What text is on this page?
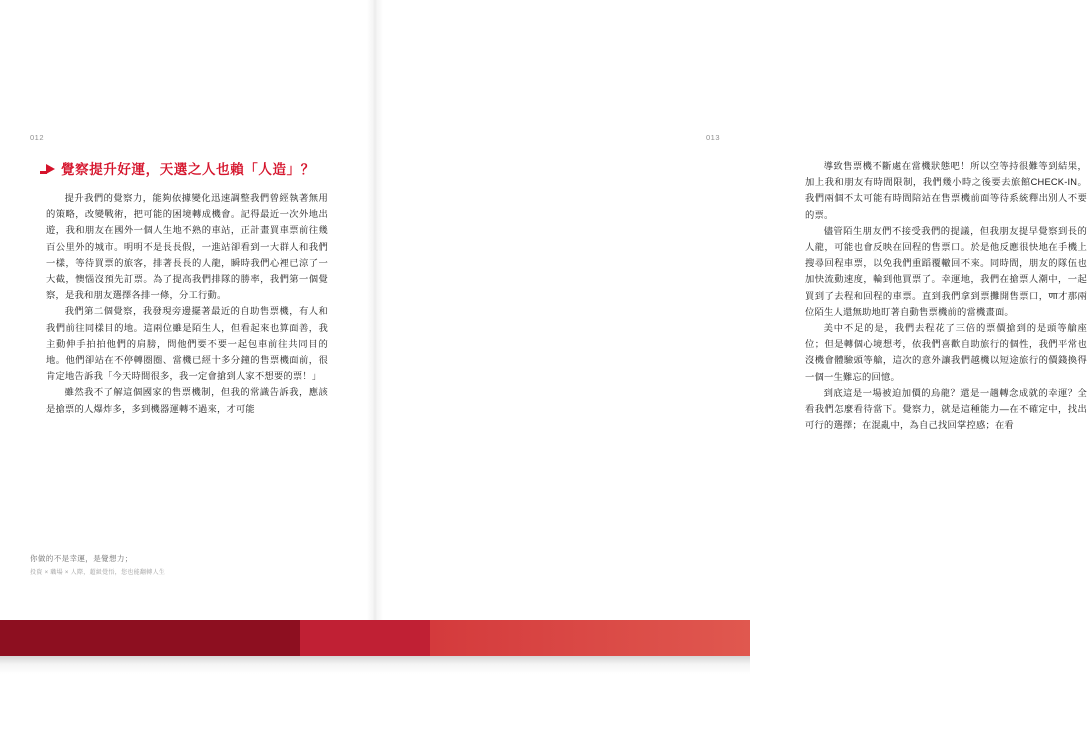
012
覺察提升好運，天選之人也賴「人造」？

提升我們的覺察力，能夠依據變化迅速調整我們曾經執著無用的策略，改變戰術，把可能的困境轉成機會。記得最近一次外地出遊，我和朋友在國外一個人生地不熟的車站，正計畫買車票前往幾百公里外的城市。明明不是長長假，一進站卻看到一大群人和我們一樣，等待買票的旅客，排著長長的人龍，瞬時我們心裡已涼了一大截，懊惱沒預先訂票。為了提高我們排隊的勝率，我們第一個覺察，是我和朋友選擇各排一條，分工行動。

我們第二個覺察，我發現旁邊擺著最近的自助售票機，有人和我們前往同樣目的地。這兩位雖是陌生人，但看起來也算面善，我主動伸手拍拍他們的肩膀，問他們要不要一起包車前往共同目的地。他們卻站在不停轉圈圈、當機已經十多分鐘的售票機面前，很肯定地告訴我「今天時間很多，我一定會搶到人家不想要的票！」

雖然我不了解這個國家的售票機制，但我的常識告訴我，應該是搶票的人爆炸多，多到機器運轉不過來，才可能

你做的不是幸運，是覺想力；
投資 × 職場 × 人際，超級覺悟，您也能翻轉人生
013

導致售票機不斷處在當機狀態吧！所以空等持很難等到結果，加上我和朋友有時間限制，我們幾小時之後要去旅館CHECK-IN。我們兩個不太可能有時間陪站在售票機前面等待系統釋出別人不要的票。

儘管陌生朋友們不接受我們的提議，但我朋友提早覺察到長的人龍，可能也會反映在回程的售票口。於是他反應很快地在手機上搜尋回程車票，以免我們重蹈覆轍回不來。同時間，朋友的隊伍也加快流動速度，輪到他買票了。幸運地，我們在搶票人潮中，一起買到了去程和回程的車票。直到我們拿到票攤開售票口，णा才那兩位陌生人還無助地盯著自動售票機前的當機畫面。

美中不足的是，我們去程花了三倍的票價搶到的是頭等艙座位；但是轉個心境想考，依我們喜歡自助旅行的個性，我們平常也沒機會體驗頭等艙，這次的意外讓我們越機以短途旅行的價錢換得一個一生難忘的回憶。

到底這是一場被迫加價的烏龍？還是一趟轉念成就的幸運？全看我們怎麼看待當下。覺察力，就是這種能力—在不確定中，找出可行的選擇；在混亂中，為自己找回掌控感；在看
